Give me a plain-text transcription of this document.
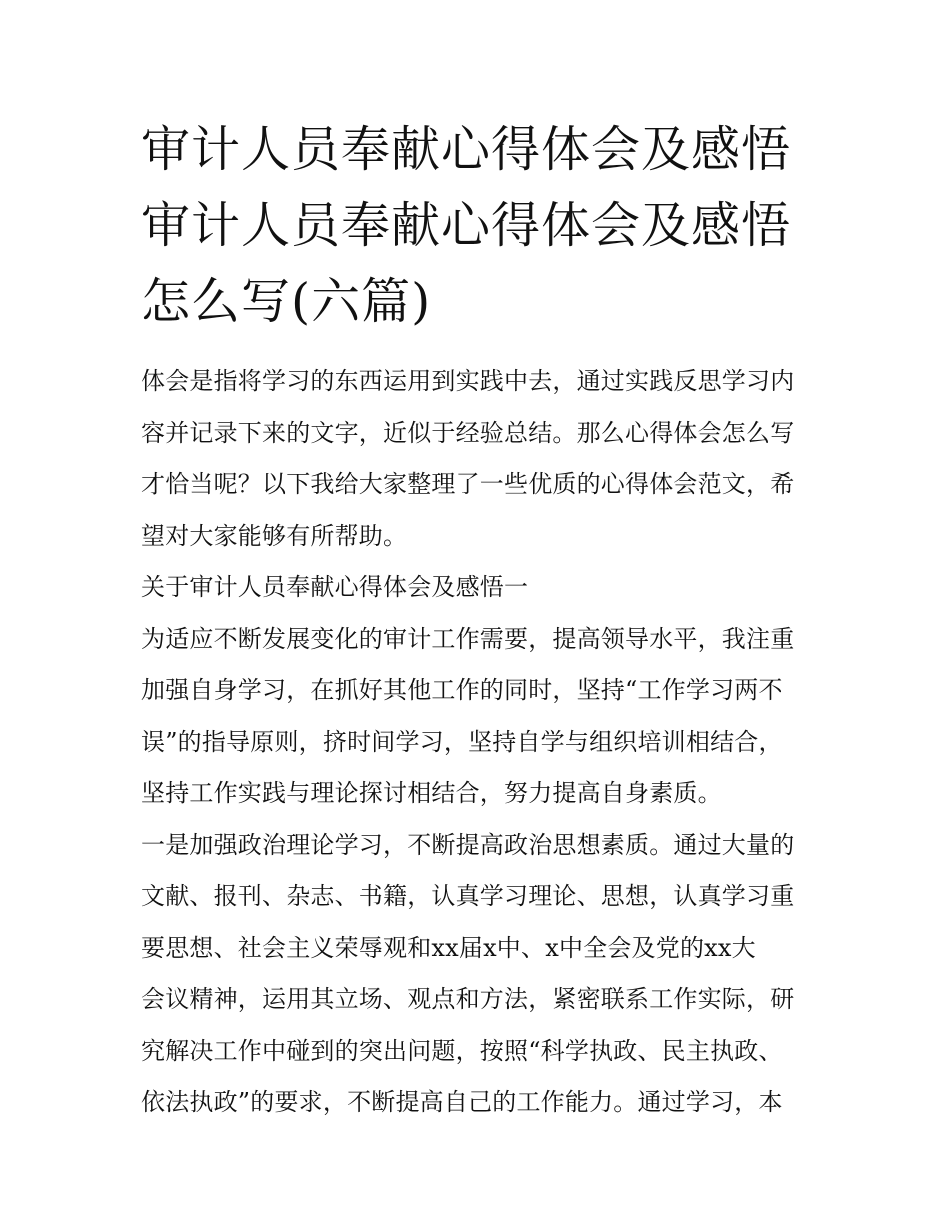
审计人员奉献心得体会及感悟
审计人员奉献心得体会及感悟
怎么写(六篇)
体会是指将学习的东西运用到实践中去，通过实践反思学习内
容并记录下来的文字，近似于经验总结。那么心得体会怎么写
才恰当呢？以下我给大家整理了一些优质的心得体会范文，希
望对大家能够有所帮助。
关于审计人员奉献心得体会及感悟一
为适应不断发展变化的审计工作需要，提高领导水平，我注重
加强自身学习，在抓好其他工作的同时，坚持“工作学习两不
误”的指导原则，挤时间学习，坚持自学与组织培训相结合，
坚持工作实践与理论探讨相结合，努力提高自身素质。
一是加强政治理论学习，不断提高政治思想素质。通过大量的
文献、报刊、杂志、书籍，认真学习理论、思想，认真学习重
要思想、社会主义荣辱观和xx届x中、x中全会及党的xx大
会议精神，运用其立场、观点和方法，紧密联系工作实际，研
究解决工作中碰到的突出问题，按照“科学执政、民主执政、
依法执政”的要求，不断提高自己的工作能力。通过学习，本
